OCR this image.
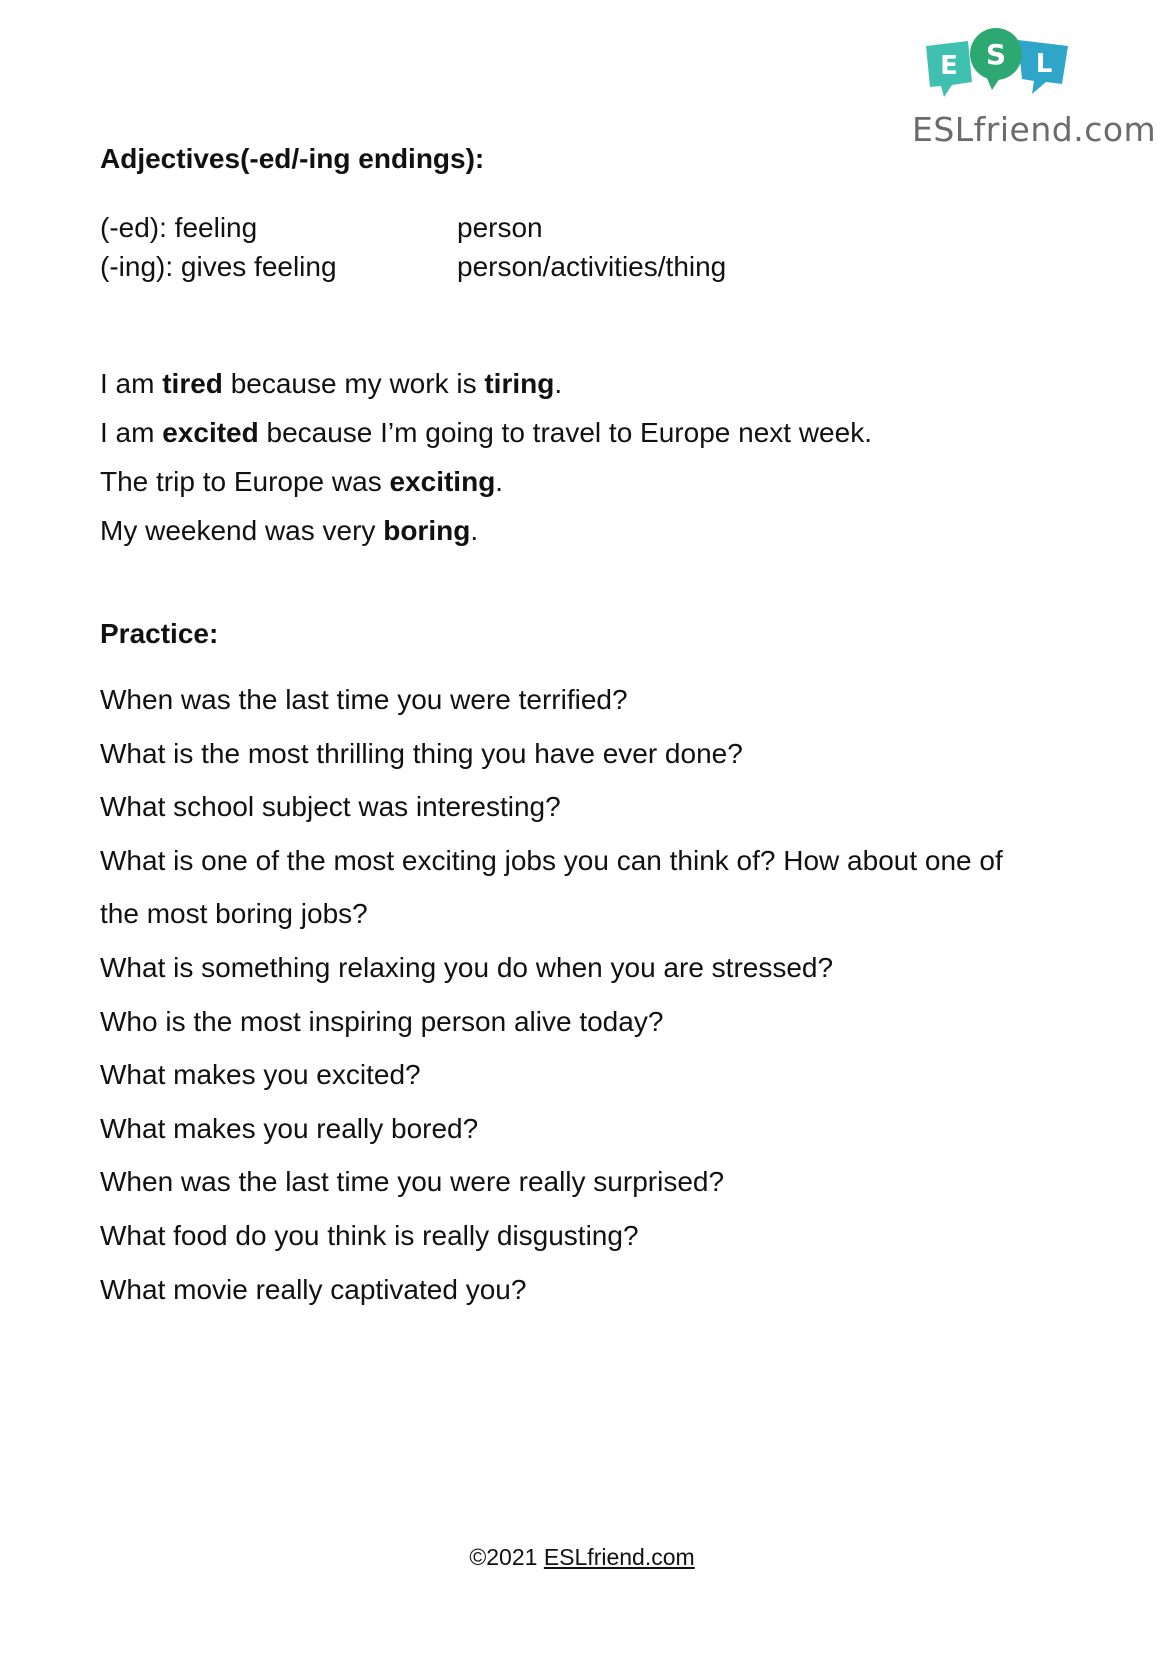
E	L
S
ESLfriend.com
Adjectives(-ed/-ing endings):
(-ed): feeling	person
(-ing): gives feeling	person/activities/thing
I am tired because my work is tiring.
I am excited because I’m going to travel to Europe next week.
The trip to Europe was exciting.
My weekend was very boring.
Practice:
When was the last time you were terrified?
What is the most thrilling thing you have ever done?
What school subject was interesting?
What is one of the most exciting jobs you can think of? How about one of
the most boring jobs?
What is something relaxing you do when you are stressed?
Who is the most inspiring person alive today?
What makes you excited?
What makes you really bored?
When was the last time you were really surprised?
What food do you think is really disgusting?
What movie really captivated you?
©2021 ESLfriend.com
